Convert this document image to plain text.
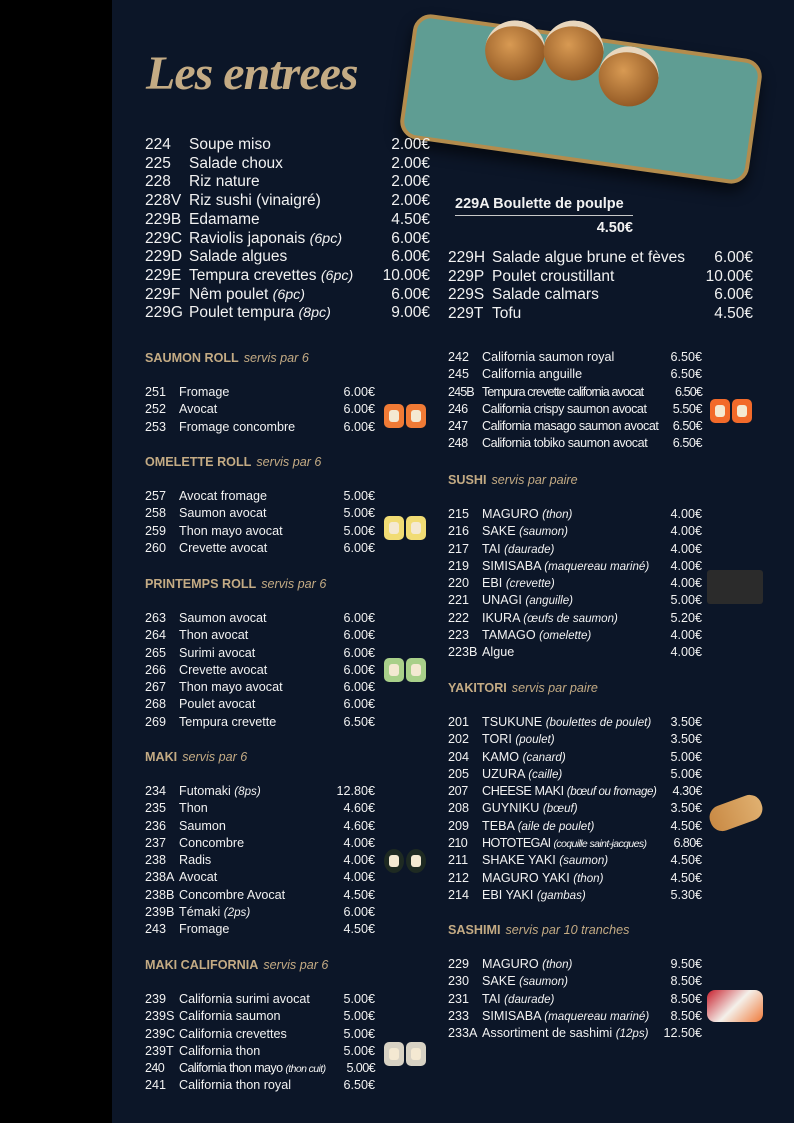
Les entrees
224	Soupe miso	2.00€
225	Salade choux	2.00€
228	Riz nature	2.00€
228V Riz sushi (vinaigré)	2.00€
229B Edamame	4.50€
229C Raviolis japonais (6pc)	6.00€
229D Salade algues	6.00€
229E Tempura crevettes (6pc)	10.00€
229F Nêm poulet (6pc)	6.00€
229G Poulet tempura (8pc)	9.00€
229A Boulette de poulpe
4.50€
229H Salade algue brune et fèves	6.00€
229P Poulet croustillant	10.00€
229S Salade calmars	6.00€
229T Tofu	4.50€
SAUMON ROLL servis par 6
251	Fromage	6.00€
252	Avocat	6.00€
253	Fromage concombre	6.00€
OMELETTE ROLL servis par 6
257	Avocat fromage	5.00€
258	Saumon avocat	5.00€
259	Thon mayo avocat	5.00€
260	Crevette avocat	6.00€
PRINTEMPS ROLL servis par 6
263	Saumon avocat	6.00€
264	Thon avocat	6.00€
265	Surimi avocat	6.00€
266	Crevette avocat	6.00€
267	Thon mayo avocat	6.00€
268	Poulet avocat	6.00€
269	Tempura crevette	6.50€
MAKI servis par 6
234	Futomaki (8ps)	12.80€
235	Thon	4.60€
236	Saumon	4.60€
237	Concombre	4.00€
238	Radis	4.00€
238A Avocat	4.00€
238B Concombre Avocat	4.50€
239B Témaki (2ps)	6.00€
243	Fromage	4.50€
MAKI CALIFORNIA servis par 6
239	California surimi avocat	5.00€
239S California saumon	5.00€
239C California crevettes	5.00€
239T California thon	5.00€
240	California thon mayo (thon cuit)	5.00€
241	California thon royal	6.50€
242	California saumon royal	6.50€
245	California anguille	6.50€
245B Tempura crevette california avocat	6.50€
246	California crispy saumon avocat	5.50€
247	California masago saumon avocat	6.50€
248	California tobiko saumon avocat	6.50€
SUSHI servis par paire
215	MAGURO (thon)	4.00€
216	SAKE (saumon)	4.00€
217	TAI (daurade)	4.00€
219	SIMISABA (maquereau mariné)	4.00€
220	EBI (crevette)	4.00€
221	UNAGI (anguille)	5.00€
222	IKURA (œufs de saumon)	5.20€
223	TAMAGO (omelette)	4.00€
223B Algue	4.00€
YAKITORI servis par paire
201	TSUKUNE (boulettes de poulet)	3.50€
202	TORI (poulet)	3.50€
204	KAMO (canard)	5.00€
205	UZURA (caille)	5.00€
207	CHEESE MAKI (bœuf ou fromage)	4.30€
208	GUYNIKU (bœuf)	3.50€
209	TEBA (aile de poulet)	4.50€
210	HOTOTEGAI (coquille saint-jacques)	6.80€
211	SHAKE YAKI (saumon)	4.50€
212	MAGURO YAKI (thon)	4.50€
214	EBI YAKI (gambas)	5.30€
SASHIMI servis par 10 tranches
229	MAGURO (thon)	9.50€
230	SAKE (saumon)	8.50€
231	TAI (daurade)	8.50€
233	SIMISABA (maquereau mariné)	8.50€
233A Assortiment de sashimi (12ps)	12.50€
